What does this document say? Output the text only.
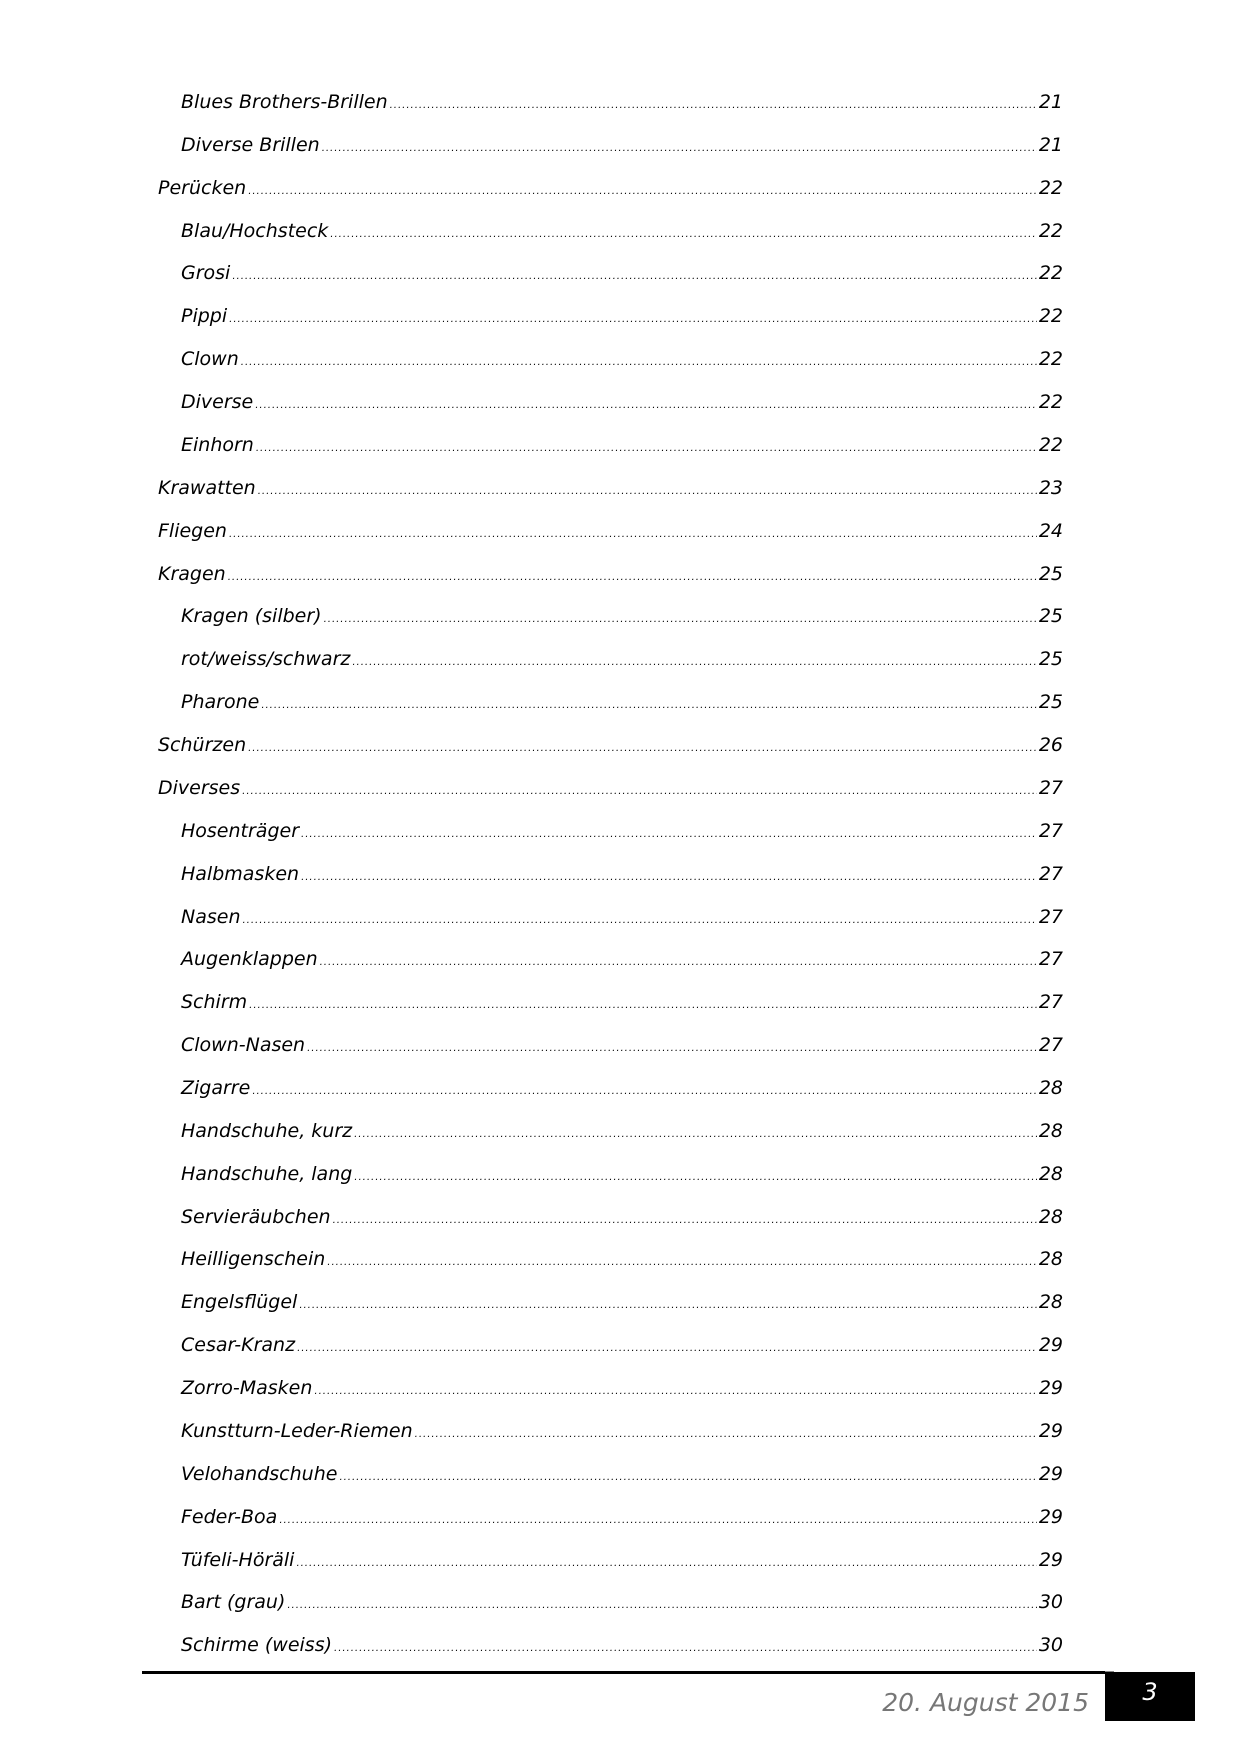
Blues Brothers-Brillen .....	21
Diverse Brillen .....	21
Perücken .....	22
Blau/Hochsteck .....	22
Grosi .....	22
Pippi .....	22
Clown .....	22
Diverse .....	22
Einhorn .....	22
Krawatten .....	23
Fliegen .....	24
Kragen .....	25
Kragen (silber) .....	25
rot/weiss/schwarz .....	25
Pharone .....	25
Schürzen .....	26
Diverses .....	27
Hosenträger .....	27
Halbmasken .....	27
Nasen .....	27
Augenklappen .....	27
Schirm .....	27
Clown-Nasen .....	27
Zigarre .....	28
Handschuhe, kurz .....	28
Handschuhe, lang .....	28
Servieräubchen .....	28
Heilligenschein .....	28
Engelsflügel .....	28
Cesar-Kranz .....	29
Zorro-Masken .....	29
Kunstturn-Leder-Riemen .....	29
Velohandschuhe .....	29
Feder-Boa .....	29
Tüfeli-Höräli .....	29
Bart (grau) .....	30
Schirme (weiss) .....	30
20. August 2015	3
